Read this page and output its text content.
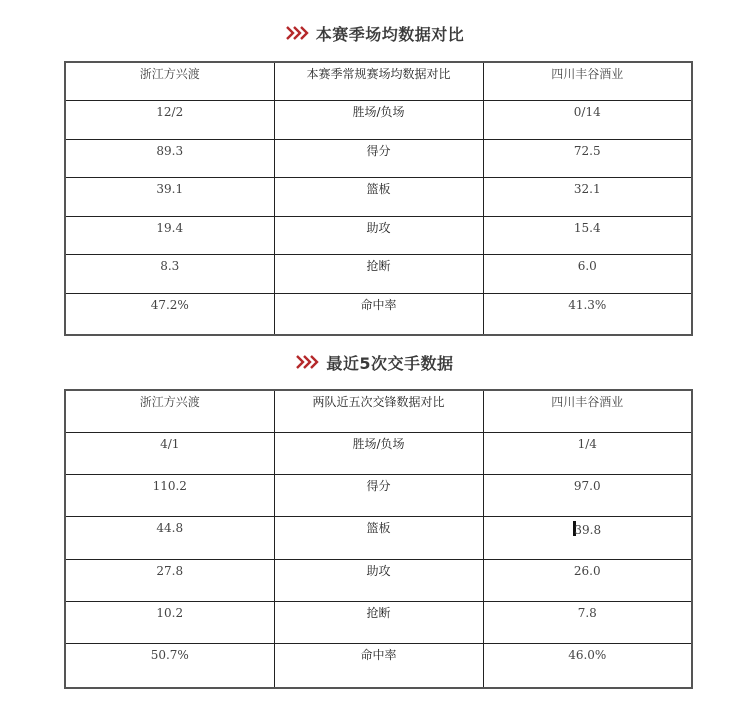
本赛季场均数据对比
浙江方兴渡	本赛季常规赛场均数据对比	四川丰谷酒业
12/2	胜场/负场	0/14
89.3	得分	72.5
39.1	篮板	32.1
19.4	助攻	15.4
8.3	抢断	6.0
47.2%	命中率	41.3%
最近5次交手数据
浙江方兴渡	两队近五次交锋数据对比	四川丰谷酒业
4/1	胜场/负场	1/4
110.2	得分	97.0
44.8	篮板	39.8
27.8	助攻	26.0
10.2	抢断	7.8
50.7%	命中率	46.0%
